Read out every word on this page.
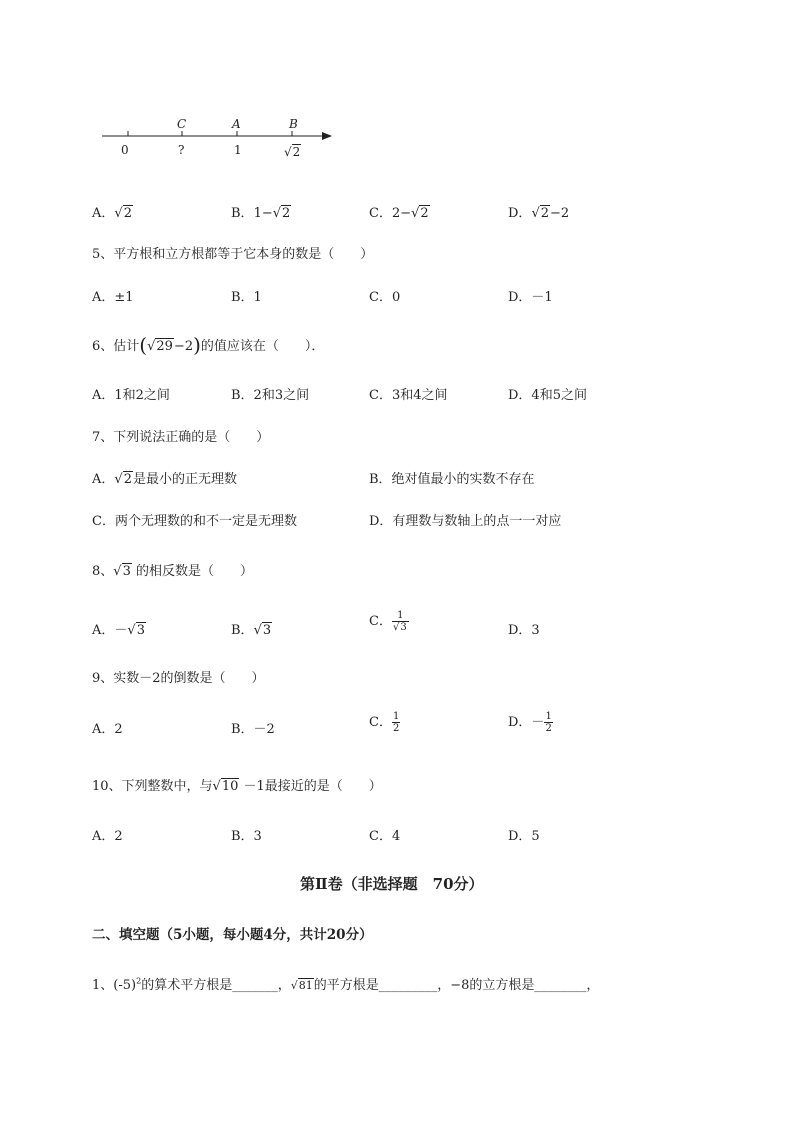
C	A	B
0	?	1	√2
A．√2	B．1−√2	C．2−√2	D．√2−2
5、平方根和立方根都等于它本身的数是（　　）
A．±1	B．1	C．0	D．－1
6、估计(√29−2)的值应该在（　　）．
A．1和2之间	B．2和3之间	C．3和4之间	D．4和5之间
7、下列说法正确的是（　　）
A．√2是最小的正无理数	B．绝对值最小的实数不存在
C．两个无理数的和不一定是无理数	D．有理数与数轴上的点一一对应
8、√3 的相反数是（　　）
A．－√3	B．√3
C． $\frac{1}{√3}$	D．3
9、实数－2的倒数是（　　）
A．2	B．－2	C． $\frac{1}{2}$	D．－ $\frac{1}{2}$
10、下列整数中，与√10 －1最接近的是（　　）
A．2	B．3	C．4	D．5
第Ⅱ卷（非选择题　70分）
二、填空题（5小题，每小题4分，共计20分）
1、$(-5)^2$的算术平方根是_______，√81的平方根是_________，−8的立方根是________，
